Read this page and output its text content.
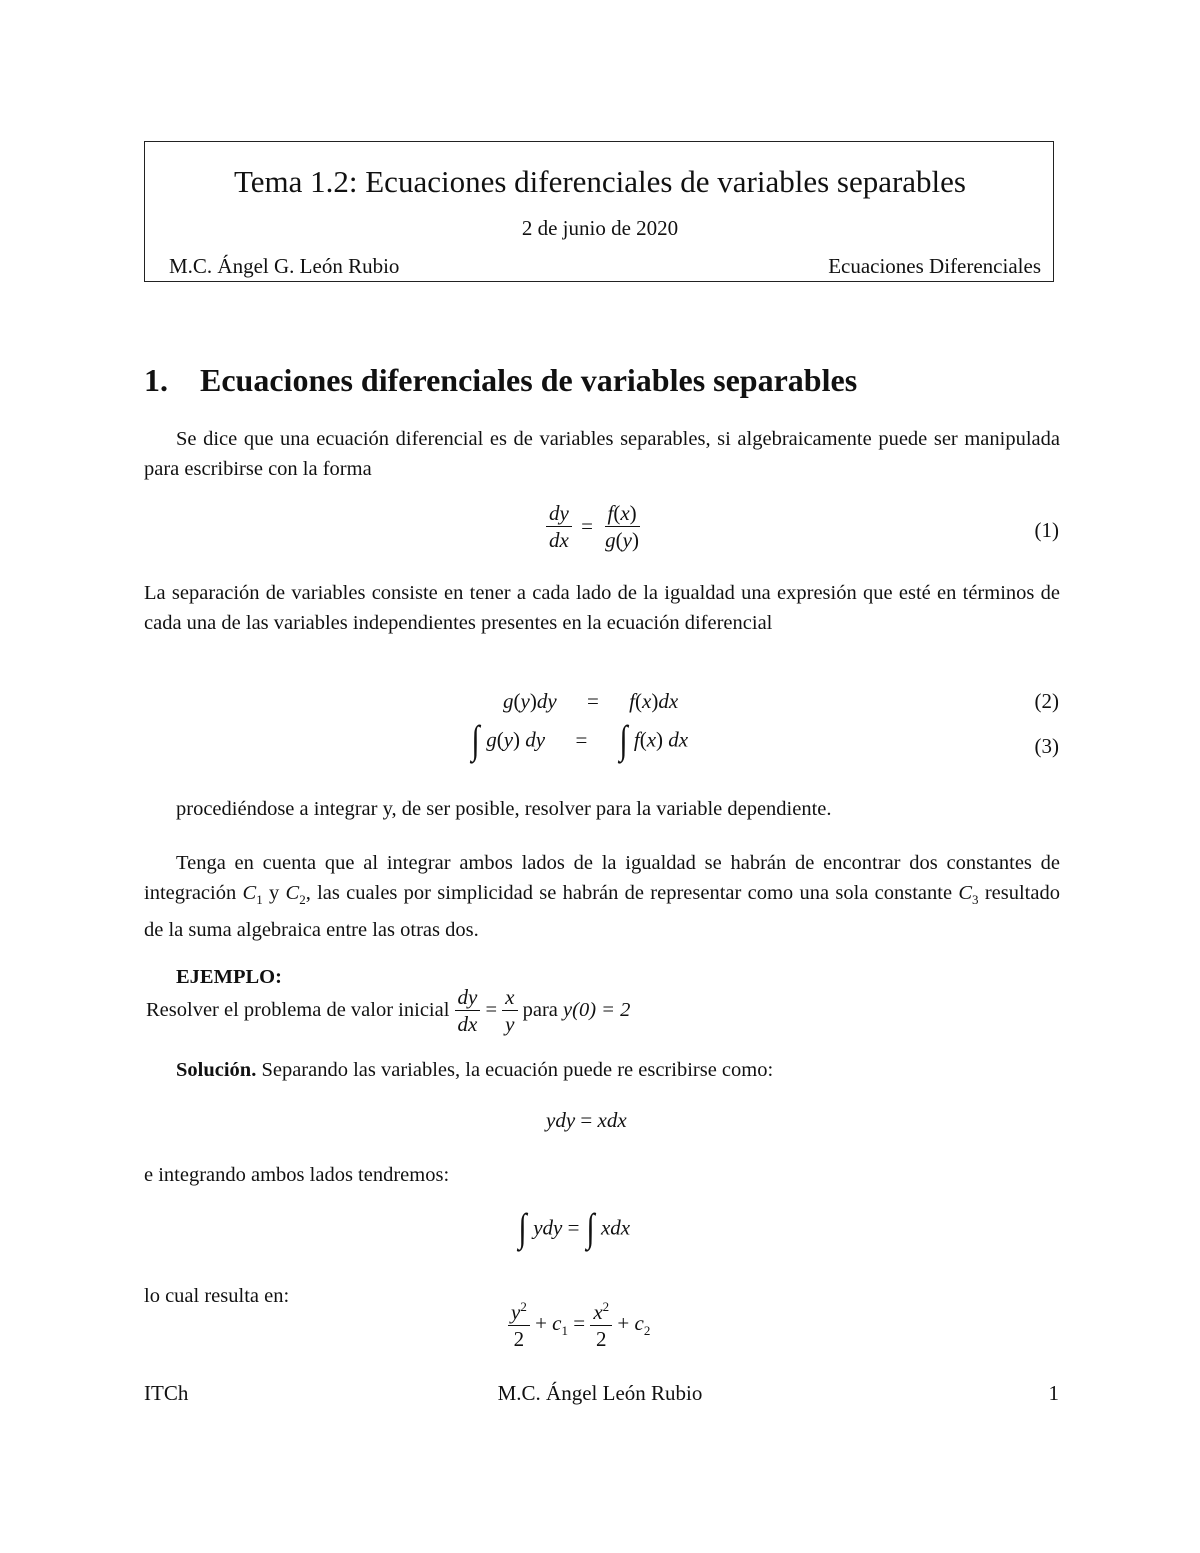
Tema 1.2: Ecuaciones diferenciales de variables separables
2 de junio de 2020
M.C. Ángel G. León Rubio	Ecuaciones Diferenciales
1. Ecuaciones diferenciales de variables separables
Se dice que una ecuación diferencial es de variables separables, si algebraicamente puede ser manipulada para escribirse con la forma
$\frac{dy}{dx} = \frac{f(x)}{g(y)}$	(1)
La separación de variables consiste en tener a cada lado de la igualdad una expresión que esté en términos de cada una de las variables independientes presentes en la ecuación diferencial
g(y)dy = f(x)dx	(2)
∫ g(y) dy = ∫ f(x) dx	(3)
procediéndose a integrar y, de ser posible, resolver para la variable dependiente.
Tenga en cuenta que al integrar ambos lados de la igualdad se habrán de encontrar dos constantes de integración $C_1$ y $C_2$, las cuales por simplicidad se habrán de representar como una sola constante $C_3$ resultado de la suma algebraica entre las otras dos.
EJEMPLO:
Resolver el problema de valor inicial $\frac{dy}{dx} = \frac{x}{y}$ para y(0) = 2
Solución. Separando las variables, la ecuación puede re escribirse como:
ydy = xdx
e integrando ambos lados tendremos:
∫ ydy = ∫ xdx
lo cual resulta en:
$\frac{y^2}{2} + c_1 = \frac{x^2}{2} + c_2$
ITCh	M.C. Ángel León Rubio	1
